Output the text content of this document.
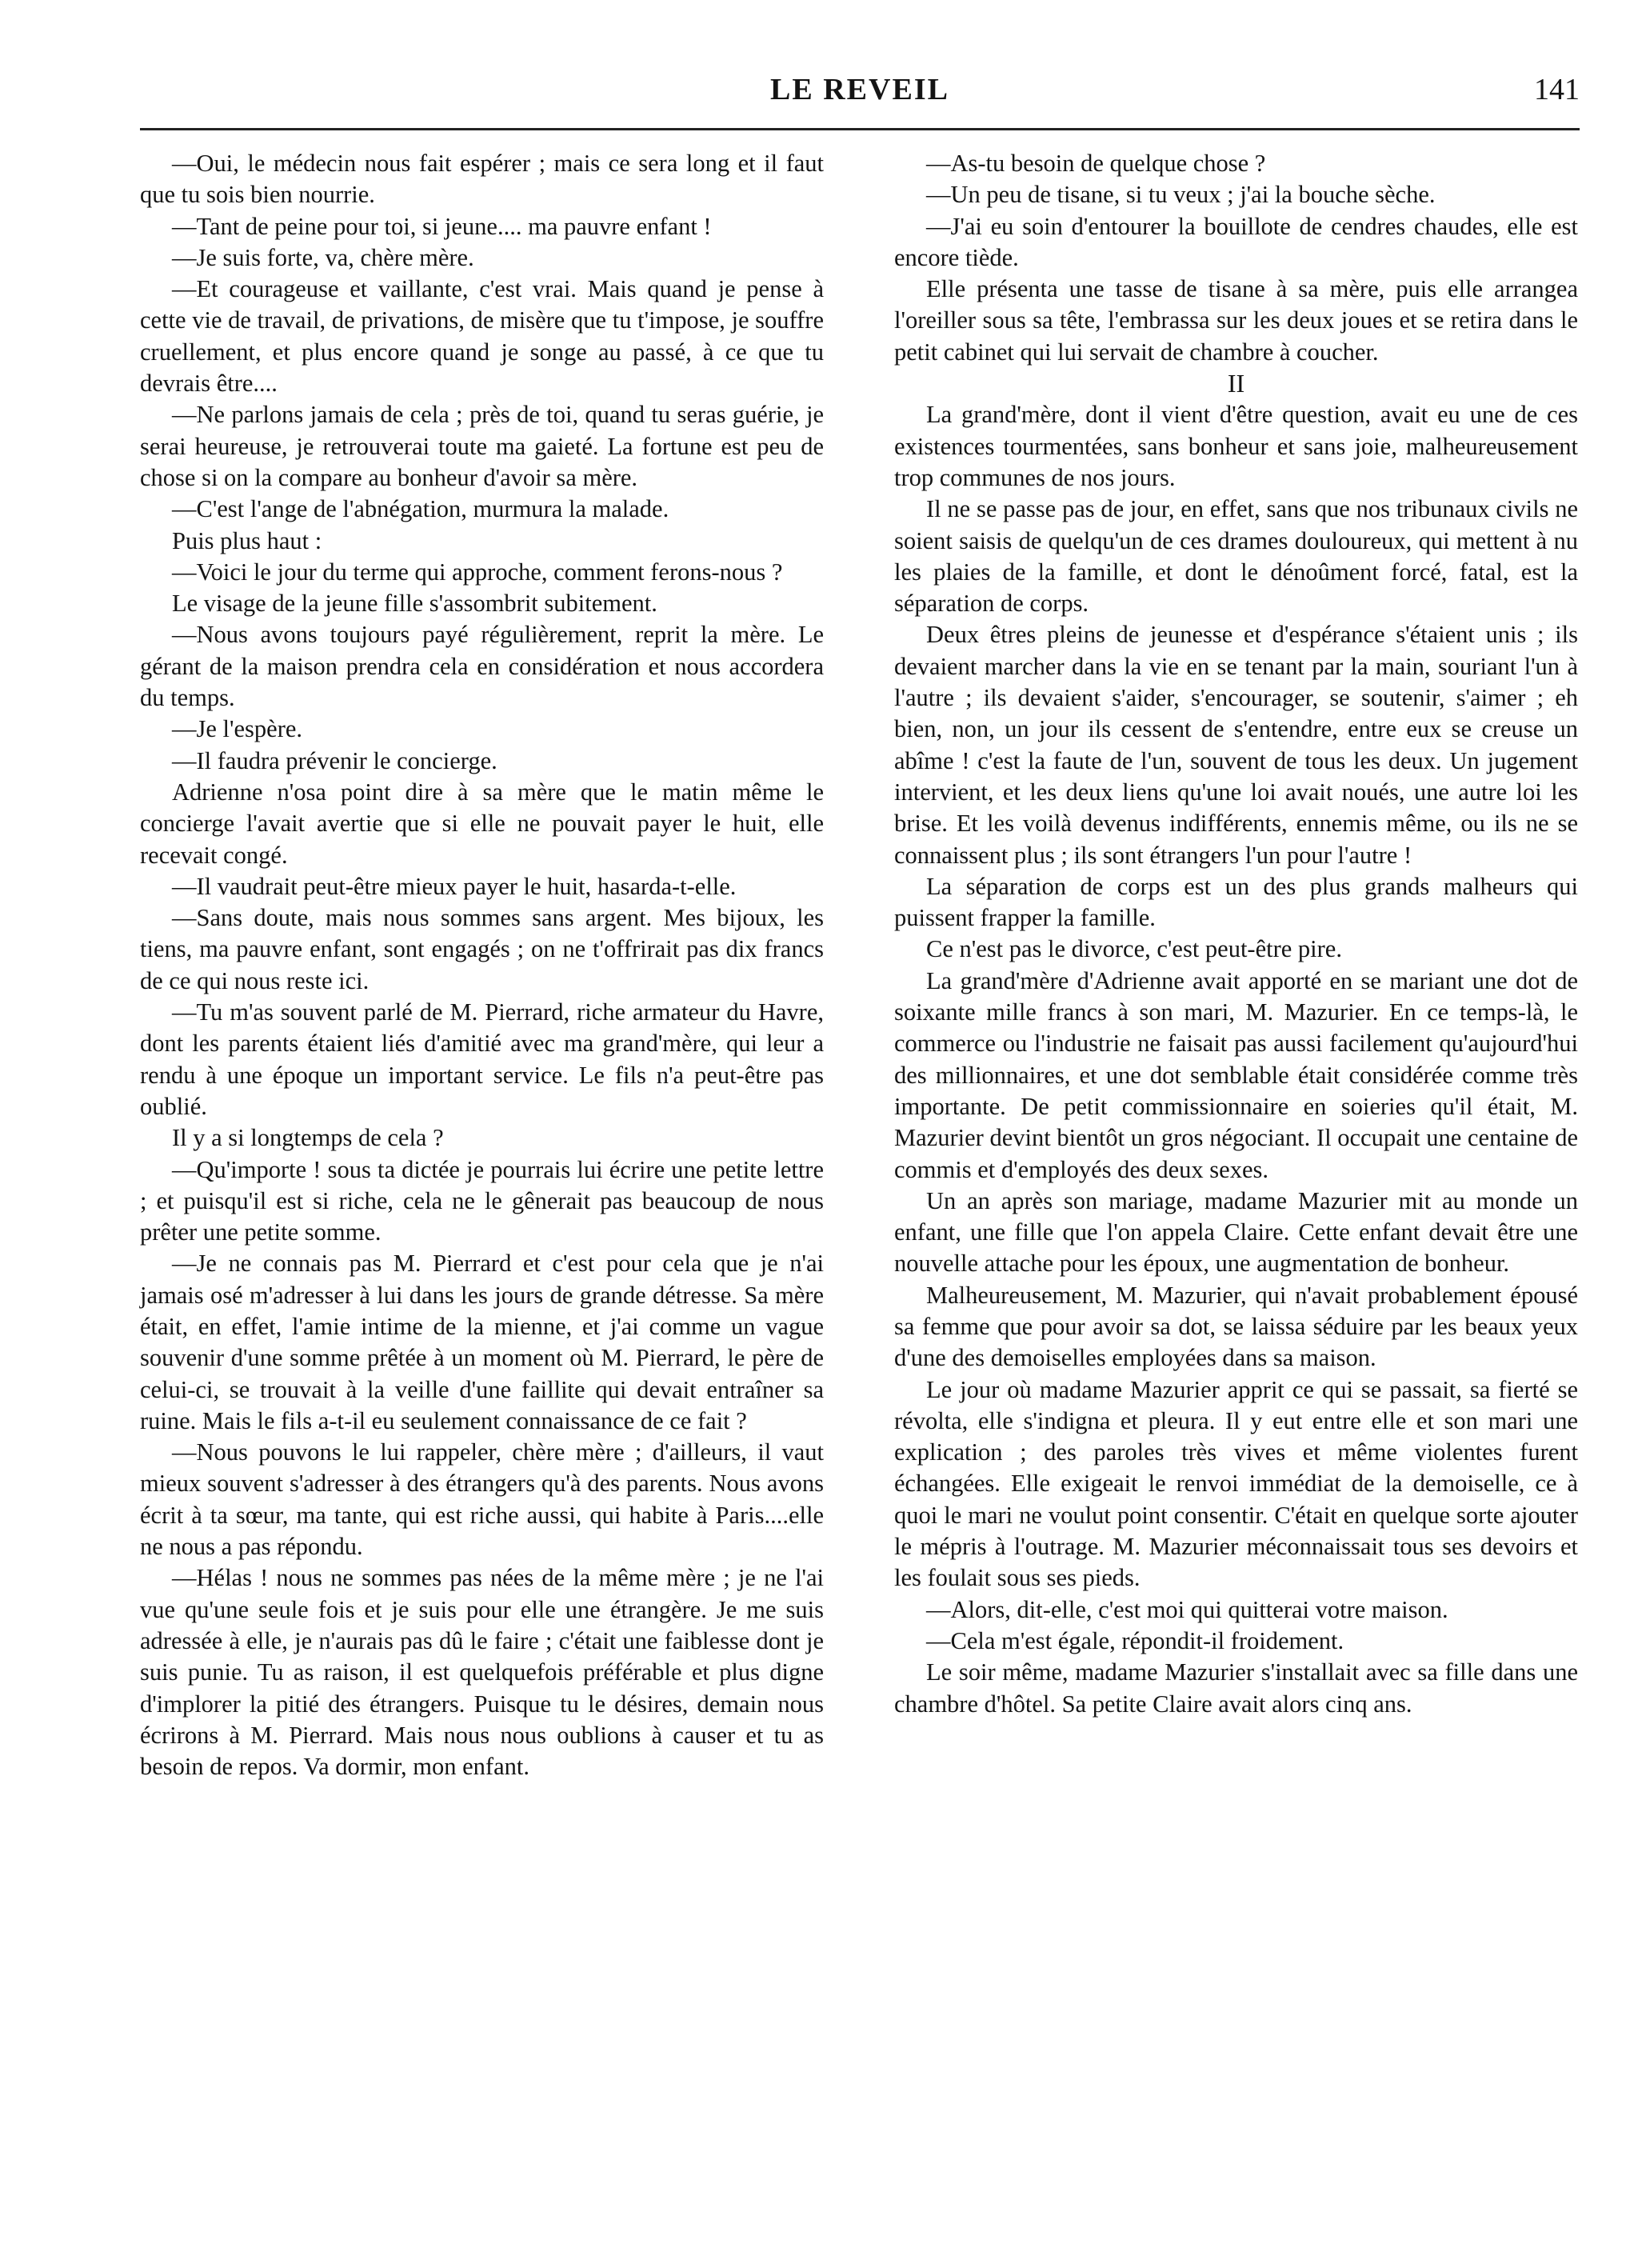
LE REVEIL	141

—Oui, le médecin nous fait espérer ; mais ce sera long et il faut que tu sois bien nourrie.

—Tant de peine pour toi, si jeune.... ma pauvre enfant !

—Je suis forte, va, chère mère.

—Et courageuse et vaillante, c'est vrai. Mais quand je pense à cette vie de travail, de privations, de misère que tu t'impose, je souffre cruellement, et plus encore quand je songe au passé, à ce que tu devrais être....

—Ne parlons jamais de cela ; près de toi, quand tu seras guérie, je serai heureuse, je retrouverai toute ma gaieté. La fortune est peu de chose si on la compare au bonheur d'avoir sa mère.

—C'est l'ange de l'abnégation, murmura la malade.

Puis plus haut :

—Voici le jour du terme qui approche, comment ferons-nous ?

Le visage de la jeune fille s'assombrit subitement.

—Nous avons toujours payé régulièrement, reprit la mère. Le gérant de la maison prendra cela en considération et nous accordera du temps.

—Je l'espère.

—Il faudra prévenir le concierge.

Adrienne n'osa point dire à sa mère que le matin même le concierge l'avait avertie que si elle ne pouvait payer le huit, elle recevait congé.

—Il vaudrait peut-être mieux payer le huit, hasarda-t-elle.

—Sans doute, mais nous sommes sans argent. Mes bijoux, les tiens, ma pauvre enfant, sont engagés ; on ne t'offrirait pas dix francs de ce qui nous reste ici.

—Tu m'as souvent parlé de M. Pierrard, riche armateur du Havre, dont les parents étaient liés d'amitié avec ma grand'mère, qui leur a rendu à une époque un important service. Le fils n'a peut-être pas oublié.

Il y a si longtemps de cela ?

—Qu'importe ! sous ta dictée je pourrais lui écrire une petite lettre ; et puisqu'il est si riche, cela ne le gênerait pas beaucoup de nous prêter une petite somme.

—Je ne connais pas M. Pierrard et c'est pour cela que je n'ai jamais osé m'adresser à lui dans les jours de grande détresse. Sa mère était, en effet, l'amie intime de la mienne, et j'ai comme un vague souvenir d'une somme prêtée à un moment où M. Pierrard, le père de celui-ci, se trouvait à la veille d'une faillite qui devait entraîner sa ruine. Mais le fils a-t-il eu seulement connaissance de ce fait ?

—Nous pouvons le lui rappeler, chère mère ; d'ailleurs, il vaut mieux souvent s'adresser à des étrangers qu'à des parents. Nous avons écrit à ta sœur, ma tante, qui est riche aussi, qui habite à Paris....elle ne nous a pas répondu.

—Hélas ! nous ne sommes pas nées de la même mère ; je ne l'ai vue qu'une seule fois et je suis pour elle une étrangère. Je me suis adressée à elle, je n'aurais pas dû le faire ; c'était une faiblesse dont je suis punie. Tu as raison, il est quelquefois préférable et plus digne d'implorer la pitié des étrangers. Puisque tu le désires, demain nous écrirons à M. Pierrard. Mais nous nous oublions à causer et tu as besoin de repos. Va dormir, mon enfant.

—As-tu besoin de quelque chose ?

—Un peu de tisane, si tu veux ; j'ai la bouche sèche.

—J'ai eu soin d'entourer la bouillote de cendres chaudes, elle est encore tiède.

Elle présenta une tasse de tisane à sa mère, puis elle arrangea l'oreiller sous sa tête, l'embrassa sur les deux joues et se retira dans le petit cabinet qui lui servait de chambre à coucher.

II

La grand'mère, dont il vient d'être question, avait eu une de ces existences tourmentées, sans bonheur et sans joie, malheureusement trop communes de nos jours.

Il ne se passe pas de jour, en effet, sans que nos tribunaux civils ne soient saisis de quelqu'un de ces drames douloureux, qui mettent à nu les plaies de la famille, et dont le dénoûment forcé, fatal, est la séparation de corps.

Deux êtres pleins de jeunesse et d'espérance s'étaient unis ; ils devaient marcher dans la vie en se tenant par la main, souriant l'un à l'autre ; ils devaient s'aider, s'encourager, se soutenir, s'aimer ; eh bien, non, un jour ils cessent de s'entendre, entre eux se creuse un abîme ! c'est la faute de l'un, souvent de tous les deux. Un jugement intervient, et les deux liens qu'une loi avait noués, une autre loi les brise. Et les voilà devenus indifférents, ennemis même, ou ils ne se connaissent plus ; ils sont étrangers l'un pour l'autre !

La séparation de corps est un des plus grands malheurs qui puissent frapper la famille.

Ce n'est pas le divorce, c'est peut-être pire.

La grand'mère d'Adrienne avait apporté en se mariant une dot de soixante mille francs à son mari, M. Mazurier. En ce temps-là, le commerce ou l'industrie ne faisait pas aussi facilement qu'aujourd'hui des millionnaires, et une dot semblable était considérée comme très importante. De petit commissionnaire en soieries qu'il était, M. Mazurier devint bientôt un gros négociant. Il occupait une centaine de commis et d'employés des deux sexes.

Un an après son mariage, madame Mazurier mit au monde un enfant, une fille que l'on appela Claire. Cette enfant devait être une nouvelle attache pour les époux, une augmentation de bonheur.

Malheureusement, M. Mazurier, qui n'avait probablement épousé sa femme que pour avoir sa dot, se laissa séduire par les beaux yeux d'une des demoiselles employées dans sa maison.

Le jour où madame Mazurier apprit ce qui se passait, sa fierté se révolta, elle s'indigna et pleura. Il y eut entre elle et son mari une explication ; des paroles très vives et même violentes furent échangées. Elle exigeait le renvoi immédiat de la demoiselle, ce à quoi le mari ne voulut point consentir. C'était en quelque sorte ajouter le mépris à l'outrage. M. Mazurier méconnaissait tous ses devoirs et les foulait sous ses pieds.

—Alors, dit-elle, c'est moi qui quitterai votre maison.

—Cela m'est égale, répondit-il froidement.

Le soir même, madame Mazurier s'installait avec sa fille dans une chambre d'hôtel. Sa petite Claire avait alors cinq ans.
